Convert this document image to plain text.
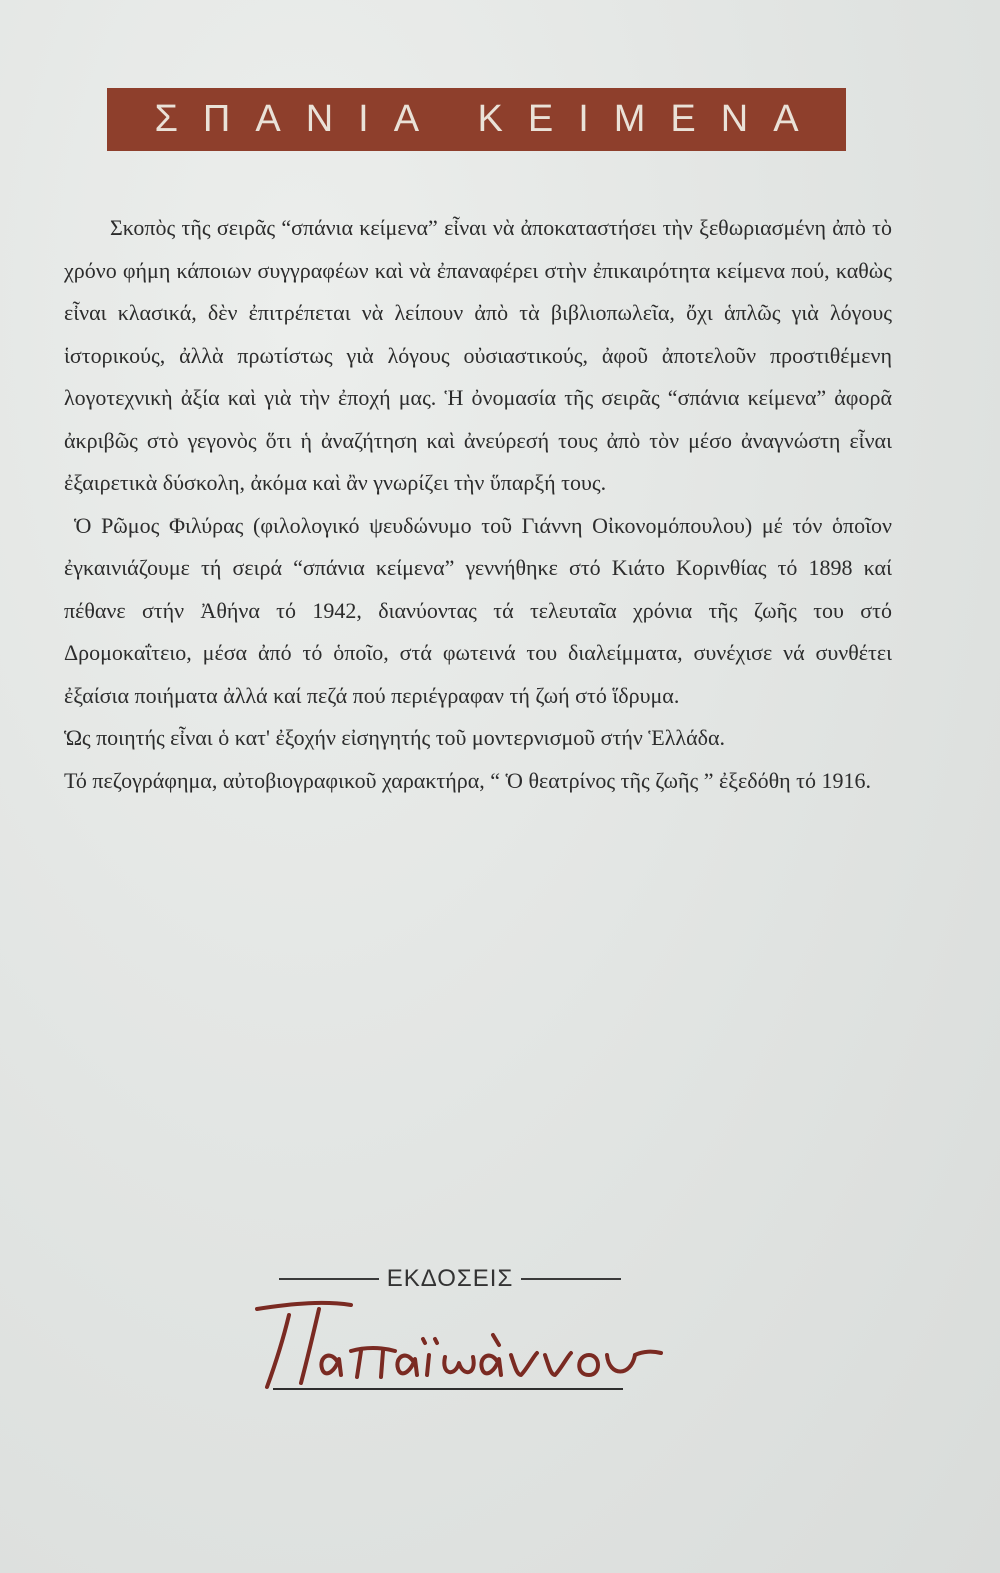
ΣΠΑΝΙΑ ΚΕΙΜΕΝΑ

Σκοπὸς τῆς σειρᾶς “σπάνια κείμενα” εἶναι νὰ ἀποκαταστήσει τὴν ξεθωριασμένη ἀπὸ τὸ χρόνο φήμη κάποιων συγγραφέων καὶ νὰ ἐπαναφέρει στὴν ἐπικαιρότητα κείμενα πού, καθὼς εἶναι κλασικά, δὲν ἐπιτρέπεται νὰ λείπουν ἀπὸ τὰ βιβλιοπωλεῖα, ὄχι ἁπλῶς γιὰ λόγους ἱστορικούς, ἀλλὰ πρωτίστως γιὰ λόγους οὐσιαστικούς, ἀφοῦ ἀποτελοῦν προστιθέμενη λογοτεχνικὴ ἀξία καὶ γιὰ τὴν ἐποχή μας. Ἡ ὀνομασία τῆς σειρᾶς “σπάνια κείμενα” ἀφορᾶ ἀκριβῶς στὸ γεγονὸς ὅτι ἡ ἀναζήτηση καὶ ἀνεύρεσή τους ἀπὸ τὸν μέσο ἀναγνώστη εἶναι ἐξαιρετικὰ δύσκολη, ἀκόμα καὶ ἂν γνωρίζει τὴν ὕπαρξή τους.

Ὁ Ρῶμος Φιλύρας (φιλολογικό ψευδώνυμο τοῦ Γιάννη Οἰκονομόπουλου) μέ τόν ὁποῖον ἐγκαινιάζουμε τή σειρά “σπάνια κείμενα” γεννήθηκε στό Κιάτο Κορινθίας τό 1898 καί πέθανε στήν Ἀθήνα τό 1942, διανύοντας τά τελευταῖα χρόνια τῆς ζωῆς του στό Δρομοκαΐτειο, μέσα ἀπό τό ὁποῖο, στά φωτεινά του διαλείμματα, συνέχισε νά συνθέτει ἐξαίσια ποιήματα ἀλλά καί πεζά πού περιέγραφαν τή ζωή στό ἵδρυμα.

Ὡς ποιητής εἶναι ὁ κατ' ἐξοχήν εἰσηγητής τοῦ μοντερνισμοῦ στήν Ἑλλάδα.

Τό πεζογράφημα, αὐτοβιογραφικοῦ χαρακτήρα, “ Ὁ θεατρίνος τῆς ζωῆς ” ἐξεδόθη τό 1916.

ΕΚΔΟΣΕΙΣ
